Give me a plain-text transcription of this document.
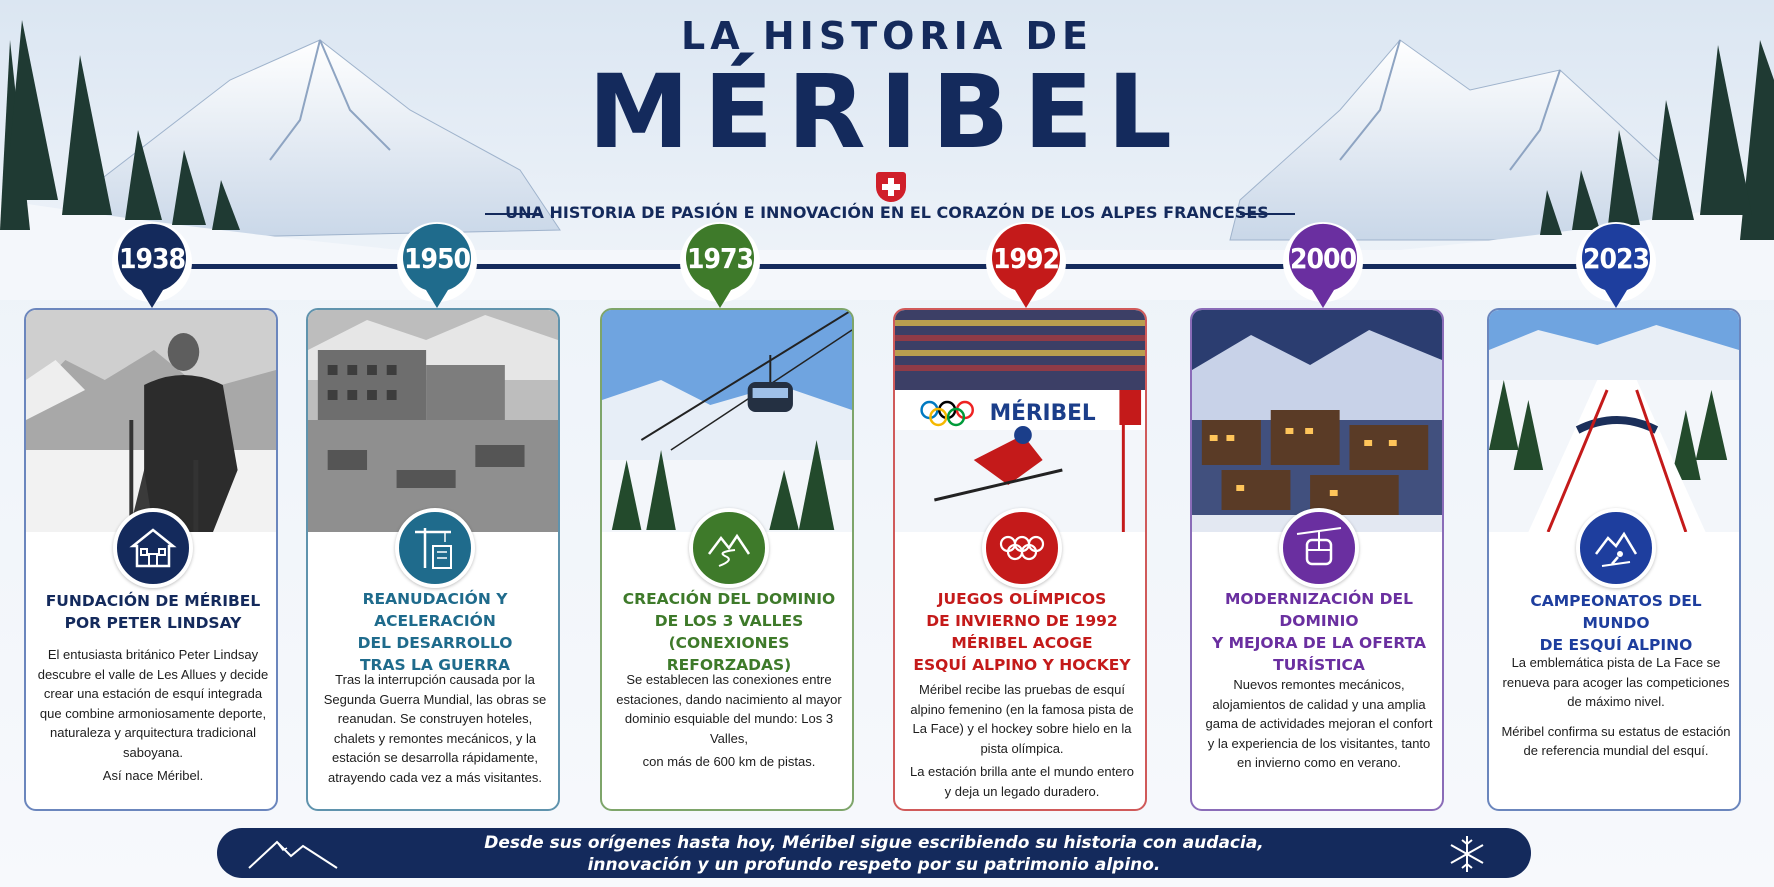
LA HISTORIA DE
MÉRIBEL
UNA HISTORIA DE PASIÓN E INNOVACIÓN EN EL CORAZÓN DE LOS ALPES FRANCESES
1938	1950	1973	1992	2000	2023
FUNDACIÓN DE MÉRIBEL
POR PETER LINDSAY

El entusiasta británico Peter Lindsay descubre el valle de Les Allues y decide crear una estación de esquí integrada que combine armoniosamente deporte, naturaleza y arquitectura tradicional saboyana.

Así nace Méribel.

REANUDACIÓN Y ACELERACIÓN
DEL DESARROLLO
TRAS LA GUERRA

Tras la interrupción causada por la Segunda Guerra Mundial, las obras se reanudan. Se construyen hoteles, chalets y remontes mecánicos, y la estación se desarrolla rápidamente, atrayendo cada vez a más visitantes.

CREACIÓN DEL DOMINIO
DE LOS 3 VALLES
(CONEXIONES REFORZADAS)

Se establecen las conexiones entre estaciones, dando nacimiento al mayor dominio esquiable del mundo: Los 3 Valles,

con más de 600 km de pistas.

MÉRIBEL
JUEGOS OLÍMPICOS
DE INVIERNO DE 1992
MÉRIBEL ACOGE
ESQUÍ ALPINO Y HOCKEY

Méribel recibe las pruebas de esquí alpino femenino (en la famosa pista de La Face) y el hockey sobre hielo en la pista olímpica.

La estación brilla ante el mundo entero y deja un legado duradero.

MODERNIZACIÓN DEL DOMINIO
Y MEJORA DE LA OFERTA
TURÍSTICA

Nuevos remontes mecánicos, alojamientos de calidad y una amplia gama de actividades mejoran el confort y la experiencia de los visitantes, tanto en invierno como en verano.

CAMPEONATOS DEL MUNDO
DE ESQUÍ ALPINO

La emblemática pista de La Face se renueva para acoger las competiciones de máximo nivel.

Méribel confirma su estatus de estación de referencia mundial del esquí.

Desde sus orígenes hasta hoy, Méribel sigue escribiendo su historia con audacia,
innovación y un profundo respeto por su patrimonio alpino.
